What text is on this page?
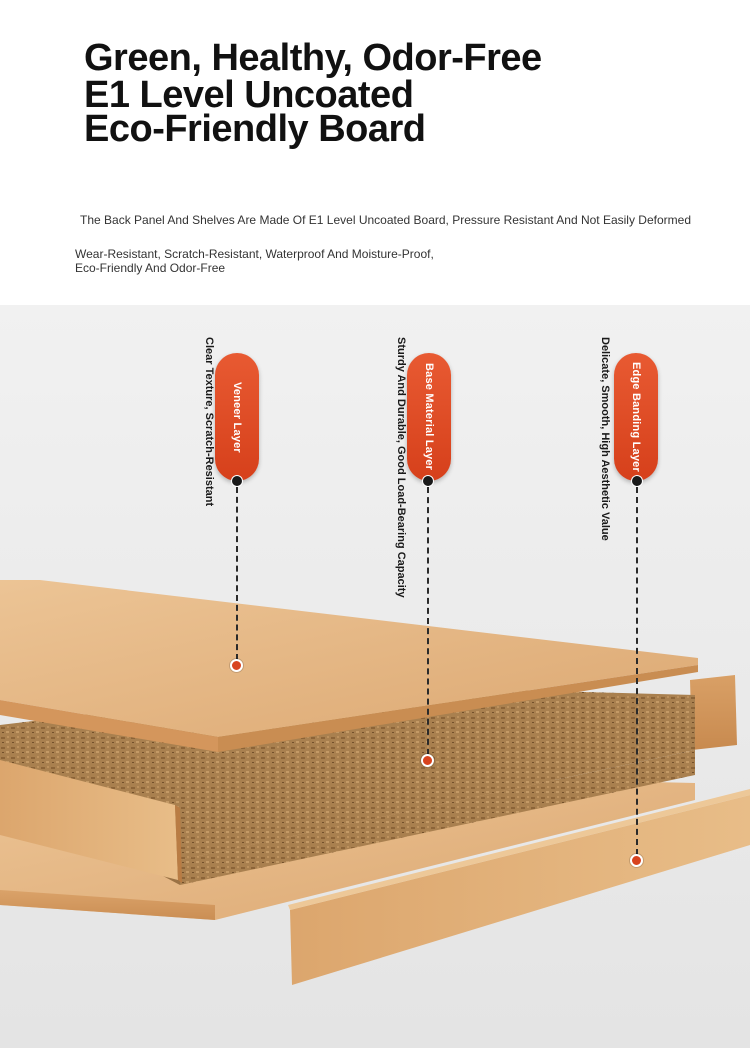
Green, Healthy, Odor-Free
E1 Level Uncoated
Eco-Friendly Board
The Back Panel And Shelves Are Made Of E1 Level Uncoated Board, Pressure Resistant And Not Easily Deformed
Wear-Resistant, Scratch-Resistant, Waterproof And Moisture-Proof,
Eco-Friendly And Odor-Free
Veneer Layer
Clear Texture, Scratch-Resistant	Base Material Layer
Sturdy And Durable, Good Load-Bearing Capacity	Edge Banding Layer
Delicate, Smooth, High Aesthetic Value
